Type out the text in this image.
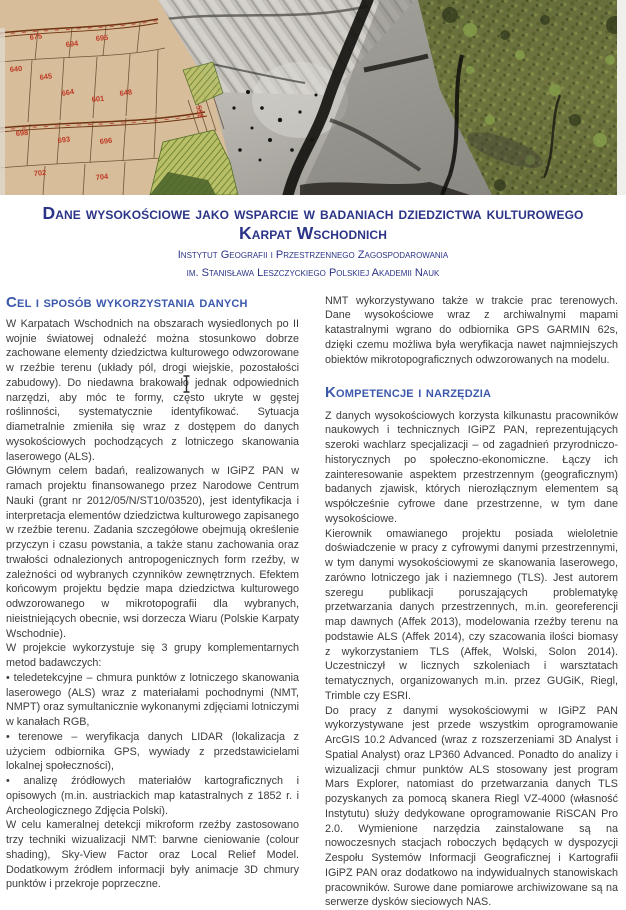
675
694
695
640
645
664
601
648
698
693	696
702	704
553
Dane wysokościowe jako wsparcie w badaniach dziedzictwa kulturowego Karpat Wschodnich
Instytut Geografii i Przestrzennego Zagospodarowania
im. Stanisława Leszczyckiego Polskiej Akademii Nauk
Cel i sposób wykorzystania danych

W Karpatach Wschodnich na obszarach wysiedlonych po II wojnie światowej odnaleźć można stosunkowo dobrze zachowane elementy dziedzictwa kulturowego odwzorowane w rzeźbie terenu (układy pól, drogi wiejskie, pozostałości zabudowy). Do niedawna brakowało jednak odpowiednich narzędzi, aby móc te formy, często ukryte w gęstej roślinności, systematycznie identyfikować. Sytuacja diametralnie zmieniła się wraz z dostępem do danych wysokościowych pochodzących z lotniczego skanowania laserowego (ALS).

Głównym celem badań, realizowanych w IGiPZ PAN w ramach projektu finansowanego przez Narodowe Centrum Nauki (grant nr 2012/05/N/ST10/03520), jest identyfikacja i interpretacja elementów dziedzictwa kulturowego zapisanego w rzeźbie terenu. Zadania szczegółowe obejmują określenie przyczyn i czasu powstania, a także stanu zachowania oraz trwałości odnalezionych antropogenicznych form rzeźby, w zależności od wybranych czynników zewnętrznych. Efektem końcowym projektu będzie mapa dziedzictwa kulturowego odwzorowanego w mikrotopografii dla wybranych, nieistniejących obecnie, wsi dorzecza Wiaru (Polskie Karpaty Wschodnie).

W projekcie wykorzystuje się 3 grupy komplementarnych metod badawczych:

• teledetekcyjne – chmura punktów z lotniczego skanowania laserowego (ALS) wraz z materiałami pochodnymi (NMT, NMPT) oraz symultanicznie wykonanymi zdjęciami lotniczymi w kanałach RGB,

• terenowe – weryfikacja danych LIDAR (lokalizacja z użyciem odbiornika GPS, wywiady z przedstawicielami lokalnej społeczności),

• analizę źródłowych materiałów kartograficznych i opisowych (m.in. austriackich map katastralnych z 1852 r. i Archeologicznego Zdjęcia Polski).

W celu kameralnej detekcji mikroform rzeźby zastosowano trzy techniki wizualizacji NMT: barwne cieniowanie (colour shading), Sky-View Factor oraz Local Relief Model. Dodatkowym źródłem informacji były animacje 3D chmury punktów i przekroje poprzeczne.

NMT wykorzystywano także w trakcie prac terenowych. Dane wysokościowe wraz z archiwalnymi mapami katastralnymi wgrano do odbiornika GPS GARMIN 62s, dzięki czemu możliwa była weryfikacja nawet najmniejszych obiektów mikrotopograficznych odwzorowanych na modelu.

Kompetencje i narzędzia

Z danych wysokościowych korzysta kilkunastu pracowników naukowych i technicznych IGiPZ PAN, reprezentujących szeroki wachlarz specjalizacji – od zagadnień przyrodniczo-historycznych po społeczno-ekonomiczne. Łączy ich zainteresowanie aspektem przestrzennym (geograficznym) badanych zjawisk, których nierozłącznym elementem są współcześnie cyfrowe dane przestrzenne, w tym dane wysokościowe.

Kierownik omawianego projektu posiada wieloletnie doświadczenie w pracy z cyfrowymi danymi przestrzennymi, w tym danymi wysokościowymi ze skanowania laserowego, zarówno lotniczego jak i naziemnego (TLS). Jest autorem szeregu publikacji poruszających problematykę przetwarzania danych przestrzennych, m.in. georeferencji map dawnych (Affek 2013), modelowania rzeźby terenu na podstawie ALS (Affek 2014), czy szacowania ilości biomasy z wykorzystaniem TLS (Affek, Wolski, Solon 2014). Uczestniczył w licznych szkoleniach i warsztatach tematycznych, organizowanych m.in. przez GUGiK, Riegl, Trimble czy ESRI.

Do pracy z danymi wysokościowymi w IGiPZ PAN wykorzystywane jest przede wszystkim oprogramowanie ArcGIS 10.2 Advanced (wraz z rozszerzeniami 3D Analyst i Spatial Analyst) oraz LP360 Advanced. Ponadto do analizy i wizualizacji chmur punktów ALS stosowany jest program Mars Explorer, natomiast do przetwarzania danych TLS pozyskanych za pomocą skanera Riegl VZ-4000 (własność Instytutu) służy dedykowane oprogramowanie RiSCAN Pro 2.0. Wymienione narzędzia zainstalowane są na nowoczesnych stacjach roboczych będących w dyspozycji Zespołu Systemów Informacji Geograficznej i Kartografii IGiPZ PAN oraz dodatkowo na indywidualnych stanowiskach pracowników. Surowe dane pomiarowe archiwizowane są na serwerze dysków sieciowych NAS.
